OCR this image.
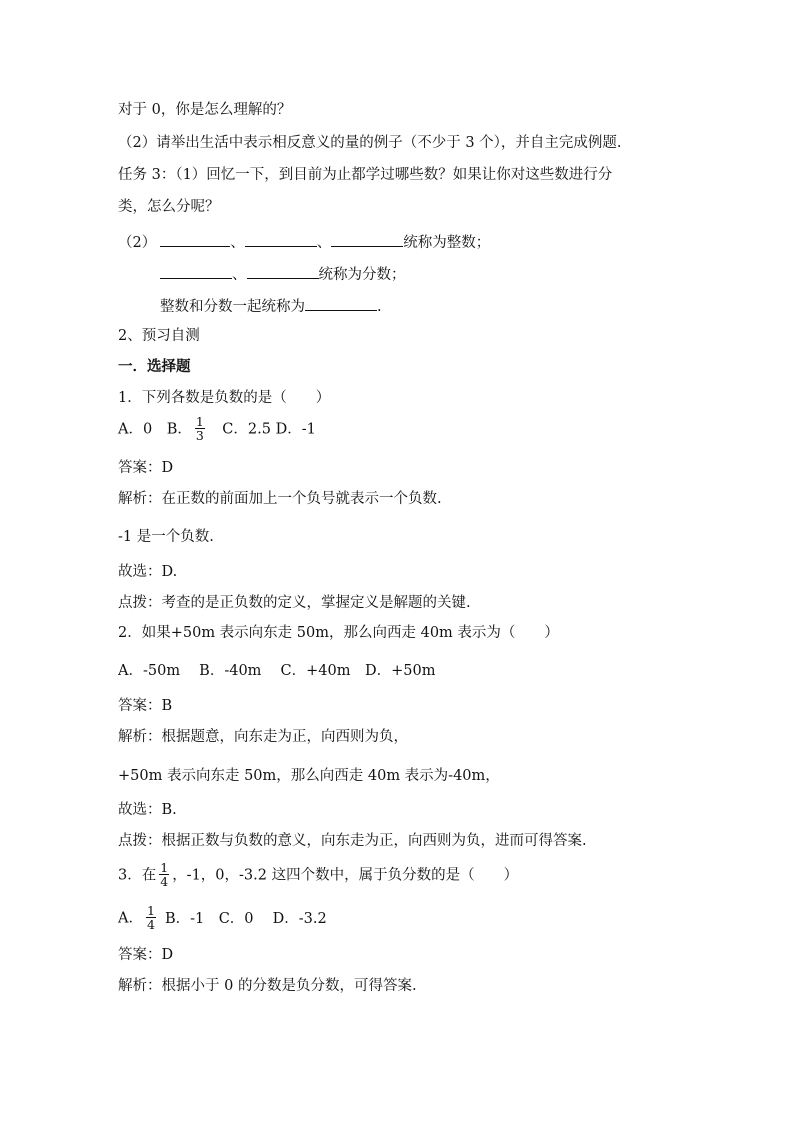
对于 0，你是怎么理解的？
（2）请举出生活中表示相反意义的量的例子（不少于 3 个），并自主完成例题.
任务 3：（1）回忆一下，到目前为止都学过哪些数？如果让你对这些数进行分
类，怎么分呢？
（2）	、	、	统称为整数；
、	统称为分数；
整数和分数一起统称为	.
2、预习自测
一．选择题
1．下列各数是负数的是（　　）
A．0　B． $\frac{1}{3}$ 　C．2.5 D．-1
答案：D
解析：在正数的前面加上一个负号就表示一个负数.
-1 是一个负数.
故选：D.
点拨：考查的是正负数的定义，掌握定义是解题的关键.
2．如果+50m 表示向东走 50m，那么向西走 40m 表示为（　　）
A．-50m　 B．-40m　 C．+40m　D．+50m
答案：B
解析：根据题意，向东走为正，向西则为负，
+50m 表示向东走 50m，那么向西走 40m 表示为-40m，
故选：B.
点拨：根据正数与负数的意义，向东走为正，向西则为负，进而可得答案.
3．在 $\frac{1}{4}$ ，-1，0，-3.2 这四个数中，属于负分数的是（　　）
A． $\frac{1}{4}$ B．-1　C．0　 D．-3.2
答案：D
解析：根据小于 0 的分数是负分数，可得答案.
